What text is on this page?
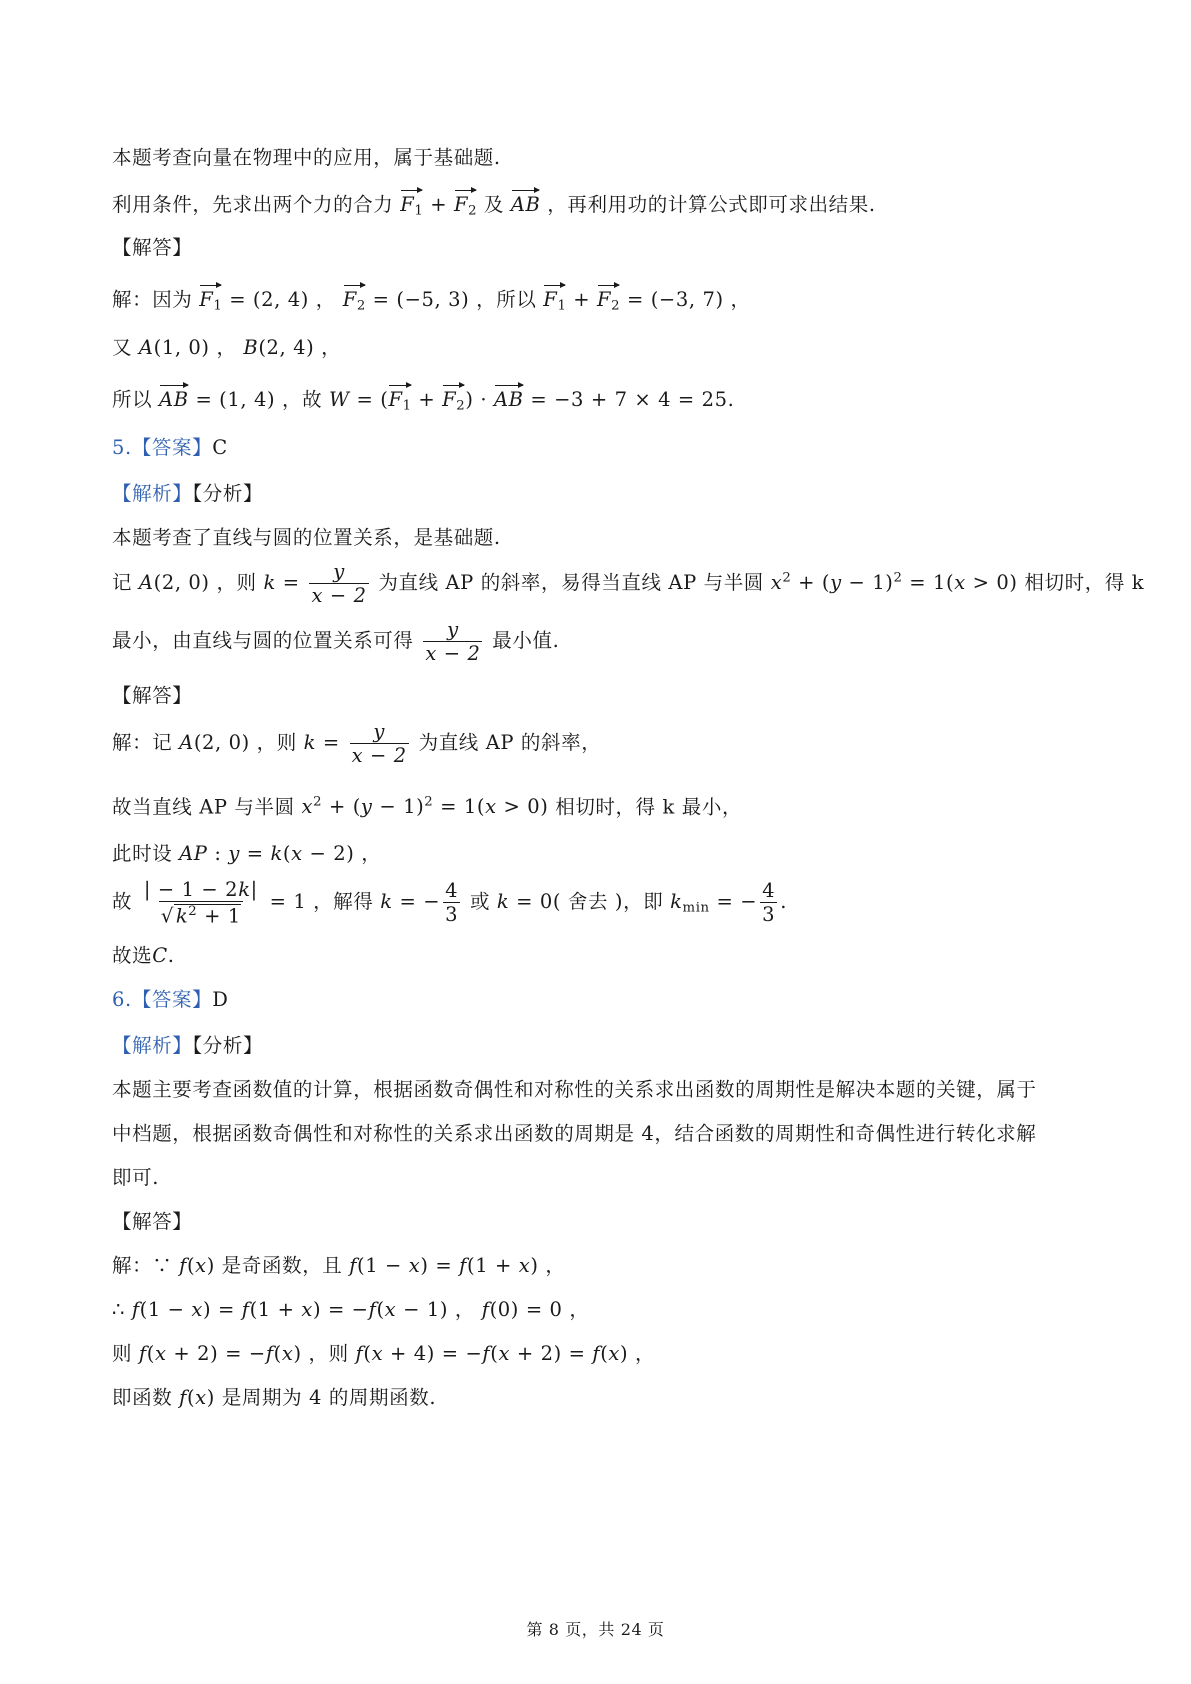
本题考查向量在物理中的应用，属于基础题.
利用条件，先求出两个力的合力 $F_1 + F_2$ 及 AB ，再利用功的计算公式即可求出结果.
【解答】
解：因为 $F_1 = (2$, 4) ， $F_2 = (-5$, 3) ，所以 $F_1 + F_2 = (-3$, 7) ，
又 A(1, 0) ， B(2, 4) ，
所以 AB = (1, 4) ，故 $W = (F_1 + F_2)$ · AB = −3 + 7 × 4 = 25.
5.【答案】C
【解析】【分析】
本题考查了直线与圆的位置关系，是基础题.
记 A(2, 0) ，则 $k = \frac{y}{x - 2}$ 为直线 AP 的斜率，易得当直线 AP 与半圆 $x^2 + (y - 1)^2 = 1(x > 0)$ 相切时，得 k
最小，由直线与圆的位置关系可得 $\frac{y}{x - 2}$ 最小值.
【解答】
解：记 A(2, 0) ，则 $k = \frac{y}{x - 2}$ 为直线 AP 的斜率，
故当直线 AP 与半圆 $x^2 + (y - 1)^2 = 1(x > 0)$ 相切时，得 k 最小，
此时设 AP : y = k(x − 2) ，
故 $\frac{| - 1 - 2k|}{√ k^2 + 1} = 1$ ，解得 k = − $\frac{4}{3}$ 或 k = 0( 舍去 )，即 $k_{min}$ = − $\frac{4}{3}$ .
故选C.
6.【答案】D
【解析】【分析】
本题主要考查函数值的计算，根据函数奇偶性和对称性的关系求出函数的周期性是解决本题的关键，属于
中档题，根据函数奇偶性和对称性的关系求出函数的周期是 4，结合函数的周期性和奇偶性进行转化求解
即可.
【解答】
解：∵ f(x) 是奇函数，且 f(1 − x) = f(1 + x) ，
∴ f(1 − x) = f(1 + x) = −f(x − 1) ， f(0) = 0 ，
则 f(x + 2) = −f(x) ，则 f(x + 4) = −f(x + 2) = f(x) ，
即函数 f(x) 是周期为 4 的周期函数.
第 8 页，共 24 页
